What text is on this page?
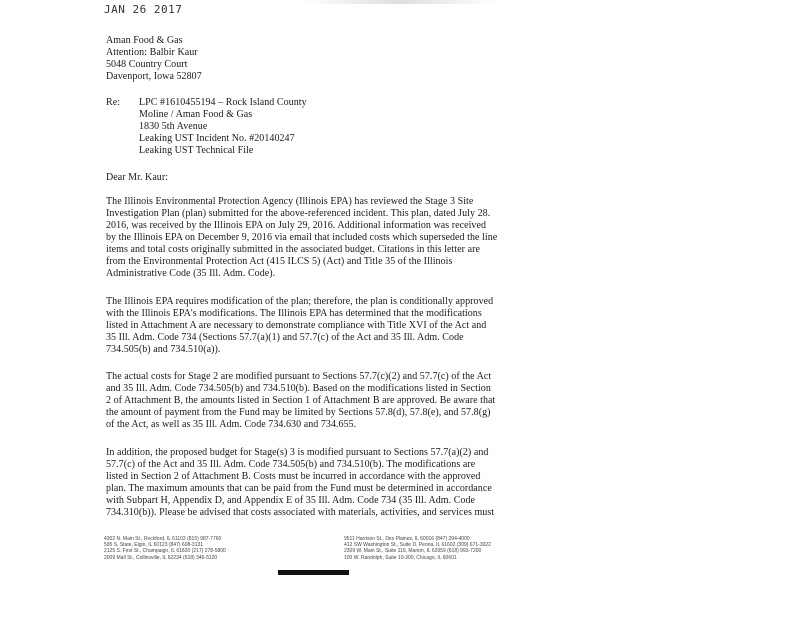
JAN 26 2017
Aman Food & Gas
Attention: Balbir Kaur
5048 Country Court
Davenport, Iowa 52807
Re: LPC #1610455194 – Rock Island County
Moline / Aman Food & Gas
1830 5th Avenue
Leaking UST Incident No. #20140247
Leaking UST Technical File
Dear Mr. Kaur:
The Illinois Environmental Protection Agency (Illinois EPA) has reviewed the Stage 3 Site
Investigation Plan (plan) submitted for the above-referenced incident. This plan, dated July 28.
2016, was received by the Illinois EPA on July 29, 2016. Additional information was received
by the Illinois EPA on December 9, 2016 via email that included costs which superseded the line
items and total costs originally submitted in the associated budget. Citations in this letter are
from the Environmental Protection Act (415 ILCS 5) (Act) and Title 35 of the Illinois
Administrative Code (35 Ill. Adm. Code).
The Illinois EPA requires modification of the plan; therefore, the plan is conditionally approved
with the Illinois EPA's modifications. The Illinois EPA has determined that the modifications
listed in Attachment A are necessary to demonstrate compliance with Title XVI of the Act and
35 Ill. Adm. Code 734 (Sections 57.7(a)(1) and 57.7(c) of the Act and 35 Ill. Adm. Code
734.505(b) and 734.510(a)).
The actual costs for Stage 2 are modified pursuant to Sections 57.7(c)(2) and 57.7(c) of the Act
and 35 Ill. Adm. Code 734.505(b) and 734.510(b). Based on the modifications listed in Section
2 of Attachment B, the amounts listed in Section 1 of Attachment B are approved. Be aware that
the amount of payment from the Fund may be limited by Sections 57.8(d), 57.8(e), and 57.8(g)
of the Act, as well as 35 Ill. Adm. Code 734.630 and 734.655.
In addition, the proposed budget for Stage(s) 3 is modified pursuant to Sections 57.7(a)(2) and
57.7(c) of the Act and 35 Ill. Adm. Code 734.505(b) and 734.510(b). The modifications are
listed in Section 2 of Attachment B. Costs must be incurred in accordance with the approved
plan. The maximum amounts that can be paid from the Fund must be determined in accordance
with Subpart H, Appendix D, and Appendix E of 35 Ill. Adm. Code 734 (35 Ill. Adm. Code
734.310(b)). Please be advised that costs associated with materials, activities, and services must
4302 N. Main St., Rockford, IL 61103 (815) 987-7760
595 S. State, Elgin, IL 60123 (847) 608-3131
2125 S. First St., Champaign, IL 61820 (217) 278-5800
2009 Mall St., Collinsville, IL 62234 (618) 346-5120
9511 Harrison St., Des Plaines, IL 60016 (847) 294-4000
412 SW Washington St., Suite D, Peoria, IL 61602 (309) 671-3022
2309 W. Main St., Suite 116, Marion, IL 62959 (618) 993-7200
100 W. Randolph, Suite 10-300, Chicago, IL 60601
